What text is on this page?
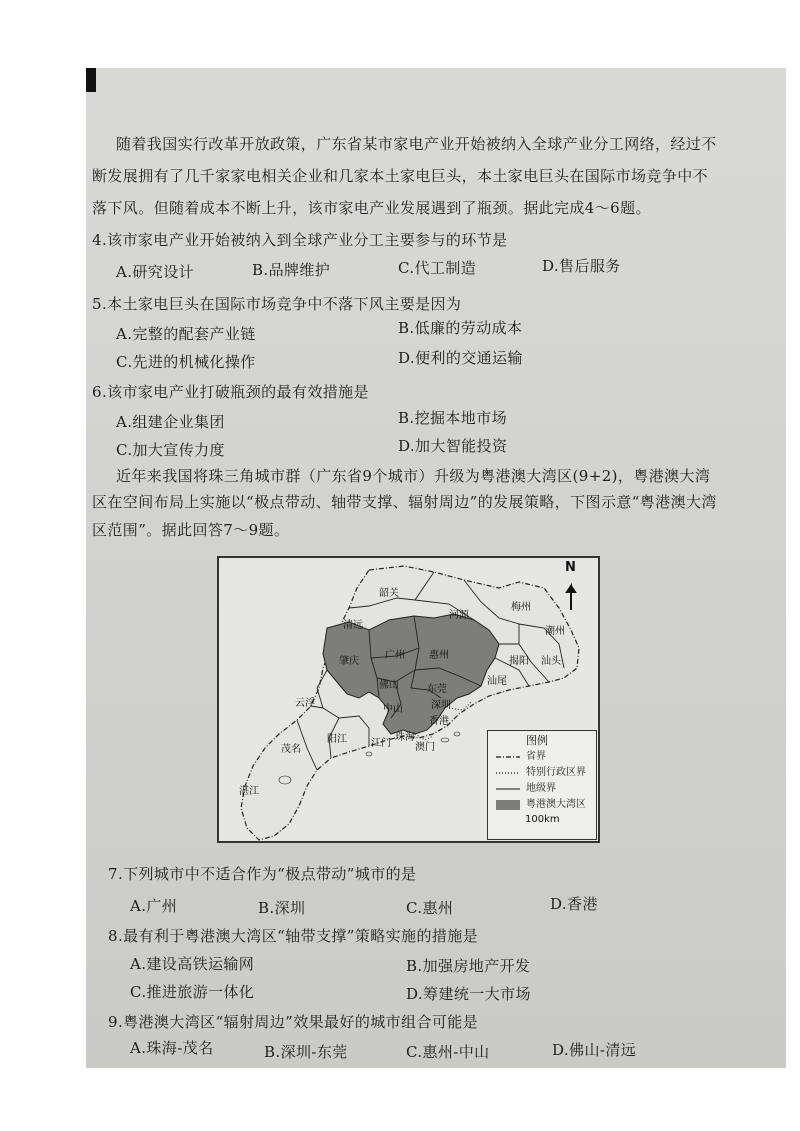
随着我国实行改革开放政策，广东省某市家电产业开始被纳入全球产业分工网络，经过不
断发展拥有了几千家家电相关企业和几家本土家电巨头，本土家电巨头在国际市场竞争中不
落下风。但随着成本不断上升，该市家电产业发展遇到了瓶颈。据此完成4～6题。
4.该市家电产业开始被纳入到全球产业分工主要参与的环节是
A.研究设计	B.品牌维护	C.代工制造	D.售后服务
5.本土家电巨头在国际市场竞争中不落下风主要是因为
A.完整的配套产业链	B.低廉的劳动成本
C.先进的机械化操作	D.便利的交通运输
6.该市家电产业打破瓶颈的最有效措施是
A.组建企业集团	B.挖掘本地市场
C.加大宣传力度	D.加大智能投资
近年来我国将珠三角城市群（广东省9个城市）升级为粤港澳大湾区(9+2)，粤港澳大湾
区在空间布局上实施以“极点带动、轴带支撑、辐射周边”的发展策略，下图示意“粤港澳大湾
区范围”。据此回答7～9题。
N
韶关
清远
河源
梅州
潮州
肇庆
广州 惠州
揭阳 汕头
佛山	东莞
汕尾
云浮
中山	深圳
香港
茂名
阳江 江门
珠海
澳门
湛江
图例
省界
特别行政区界
地级界
粤港澳大湾区
100km
7.下列城市中不适合作为“极点带动”城市的是
A.广州	B.深圳	C.惠州	D.香港
8.最有利于粤港澳大湾区“轴带支撑”策略实施的措施是
A.建设高铁运输网	B.加强房地产开发
C.推进旅游一体化	D.筹建统一大市场
9.粤港澳大湾区“辐射周边”效果最好的城市组合可能是
A.珠海-茂名	B.深圳-东莞	C.惠州-中山	D.佛山-清远
